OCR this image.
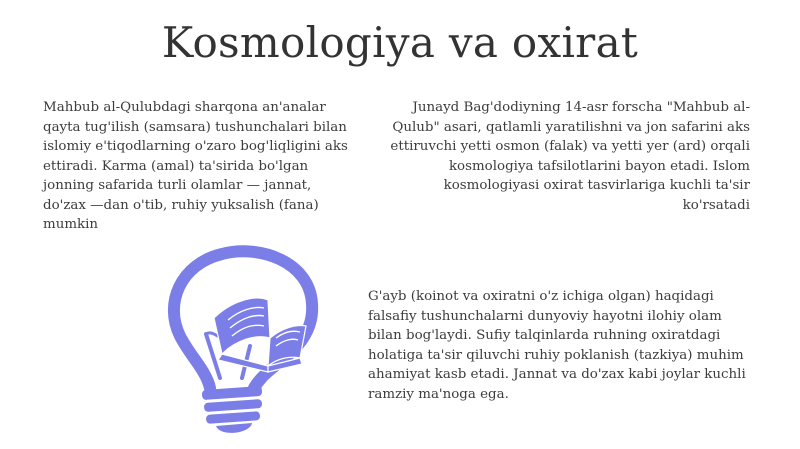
Kosmologiya va oxirat

Mahbub al-Qulubdagi sharqona an'analar qayta tug'ilish (samsara) tushunchalari bilan islomiy e'tiqodlarning o'zaro bog'liqligini aks ettiradi. Karma (amal) ta'sirida bo'lgan jonning safarida turli olamlar — jannat, do'zax —dan o'tib, ruhiy yuksalish (fana) mumkin

Junayd Bag'dodiyning 14-asr forscha "Mahbub al-Qulub" asari, qatlamli yaratilishni va jon safarini aks ettiruvchi yetti osmon (falak) va yetti yer (ard) orqali kosmologiya tafsilotlarini bayon etadi. Islom kosmologiyasi oxirat tasvirlariga kuchli ta'sir ko'rsatadi

G'ayb (koinot va oxiratni o'z ichiga olgan) haqidagi falsafiy tushunchalarni dunyoviy hayotni ilohiy olam bilan bog'laydi. Sufiy talqinlarda ruhning oxiratdagi holatiga ta'sir qiluvchi ruhiy poklanish (tazkiya) muhim ahamiyat kasb etadi. Jannat va do'zax kabi joylar kuchli ramziy ma'noga ega.
